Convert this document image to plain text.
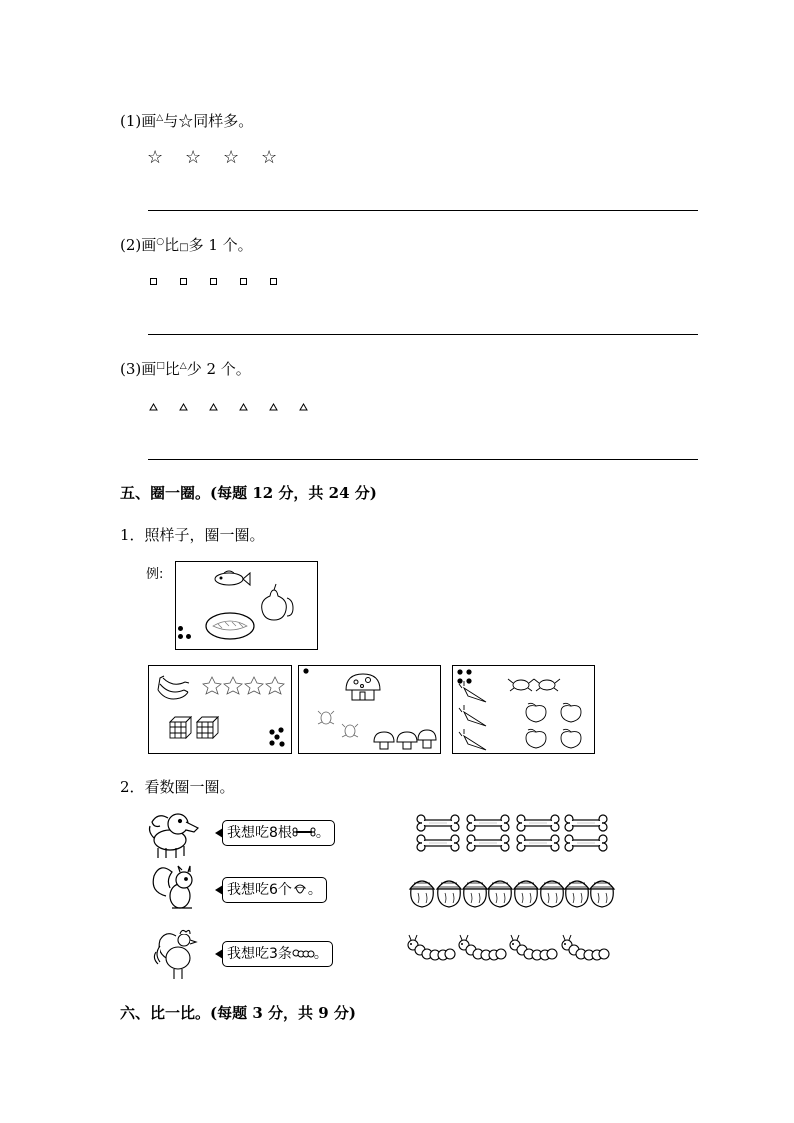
(1)画△与☆同样多。
☆ ☆ ☆ ☆
(2)画○比□多 1 个。
(3)画□比△少 2 个。
五、圈一圈。(每题 12 分，共 24 分)
1．照样子，圈一圈。
例:
2．看数圈一圈。
我想吃8根 。
我想吃6个 。
我想吃3条 。
六、比一比。(每题 3 分，共 9 分)
